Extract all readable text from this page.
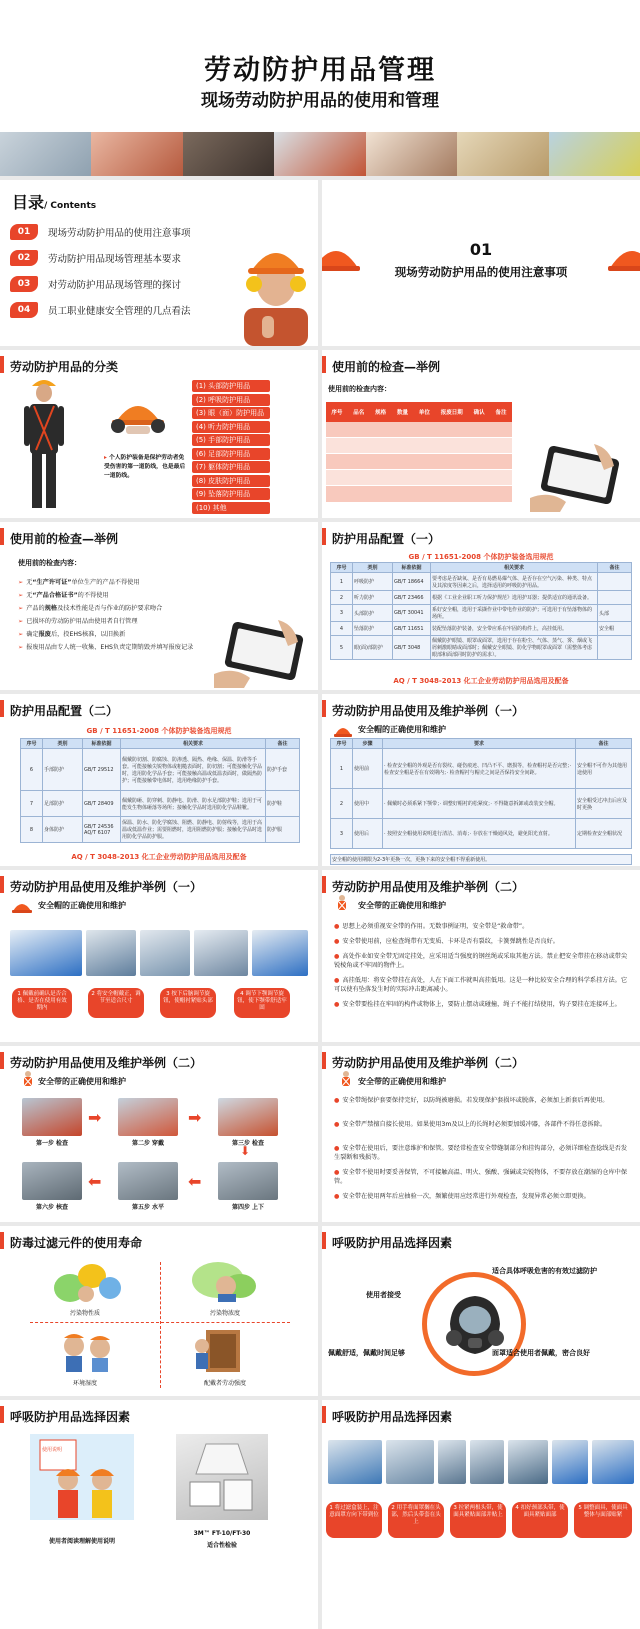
劳动防护用品管理
现场劳动防护用品的使用和管理
目录/ Contents
01	现场劳动防护用品的使用注意事项
02	劳动防护用品现场管理基本要求
03	对劳动防护用品现场管理的探讨
04	员工职业健康安全管理的几点看法
01
现场劳动防护用品的使用注意事项
劳动防护用品的分类
▸ 个人防护装备是保护劳动者免受伤害的第一道防线，也是最后一道防线。
(1) 头部防护用品
(2) 呼吸防护用品
(3) 眼（面）防护用品
(4) 听力防护用品
(5) 手部防护用品
(6) 足部防护用品
(7) 躯体防护用品
(8) 皮肤防护用品
(9) 坠落防护用品
(10) 其他
使用前的检查—举例
使用前的检查内容：
序号	品名	规格	数量	单位	报废日期	确认	备注
使用前的检查—举例
使用前的检查内容：
➢ 无“生产许可证”单位生产的产品不得使用
➢ 无“产品合格证书”的不得使用
➢ 产品的规格及技术性能是否与作业的防护要求吻合
➢ 已损坏的劳动防护用品由使用者自行管理
➢ 确定报废后，投EHS核准，以旧换新
➢ 报废用品由专人统一收集、EHS负责定期销毁并填写报废记录
防护用品配置（一）
GB / T 11651-2008 个体防护装备选用规范
序号	类别	标准依据	相关要求	备注
1	呼吸防护	GB/T 18664	要考虑是否缺氧、是否有易燃易爆气体、是否存在空气污染、种类、特点及其浓度等因素之后，选择适用的呼吸防护用品。	
2	听力防护	GB/T 23466	根据《工业企业职工听力保护规范》选用护耳器；提供适宜的通讯设备。	
3	头部防护	GB/T 30041	系好安全帽，选用于采撷作业中带电作业的防护；可选用于有坠落物体的场所。	头部
4	坠落防护	GB/T 11651	装配坠落防护装备，安全带应系在牢固的构件上，高挂低用。	安全帽
5	眼(面)部防护	GB/T 3048	佩戴防护眼镜、眼罩或面罩，选用于存在粉尘、气体、蒸气、雾、烟或飞屑刺激眼睛或面部时；佩戴安全眼镜、防化学物眼罩或面罩（需整体考虑眼部和面部同时防护的需求）。	
AQ / T 3048-2013 化工企业劳动防护用品选用及配备
防护用品配置（二）
GB / T 11651-2008 个体防护装备选用规范
序号	类别	标准依据	相关要求	备注
6	手部防护	GB/T 29512	佩戴防切割、防腐蚀、防渗透、隔热、绝缘、保温、防滑等手套。可能接触尖锐物体或粗糙表面时，防切割；可能接触化学品时，选用防化学品手套；可能接触高温或低温表面时，做隔热防护；可能接触带电体时，选用绝缘防护手套。	防护手套
7	足部防护	GB/T 28409	佩戴防砸、防穿刺、防静电、防滑、防水足部防护鞋；选用于可能发生物体砸落等场所；接触化学品时选用防化学品鞋靴。	防护鞋
8	身体防护	GB/T 24536 AQ/T 6107	保温、防水、防化学腐蚀、阻燃、防静电、防射线等，选用于高温或低温作业；需要阻燃时，选用阻燃防护服；接触化学品时选用防化学品防护服。	防护服
AQ / T 3048-2013 化工企业劳动防护用品选用及配备
劳动防护用品使用及维护举例（一）
安全帽的正确使用和维护
序号	步骤	要求	备注
1	使用前	· 检查安全帽的外观是否有裂纹、碰伤痕迹、凹凸不平、磨损等，检查帽衬是否完整；· 检查安全帽是否在有效期内；· 检查帽衬与帽壳之间是否保持安全间距。	安全帽不可作为其他用途使用
2	使用中	· 佩戴时必须系紧下颚带；· 调整好帽衬的松紧度；· 不得随意拆卸或改装安全帽。	安全帽受过冲击后应及时更换
3	使用后	· 按照安全帽使用说明进行清洁、消毒；· 存放在干燥通风处，避免阳光直射。	定期检查安全帽状况
安全帽的使用期限为2-3年更换一次，更换下来的安全帽不得重新使用。
劳动防护用品使用及维护举例（一）
安全帽的正确使用和维护
1 佩戴前确认是否合格、是否在使用有效期内
2 将安全帽戴正，调节至适合尺寸
3 按下后脑调节旋钮，使帽衬紧贴头部
4 调节下颚调节旋钮，使下颚带舒适牢固
劳动防护用品使用及维护举例（二）
安全带的正确使用和维护
● 思想上必须重视安全带的作用。无数事例证明，安全带是“救命带”。
● 安全带使用前，应检查绳带有无变质、卡环是否有裂纹，卡簧弹跳性是否良好。
● 高处作业如安全带无固定挂处，应采用适当强度的钢丝绳或采取其他方法。禁止把安全带挂在移动或带尖锐棱角或不牢固的物件上。
● 高挂低用：将安全带挂在高处，人在下面工作就叫高挂低用。这是一种比较安全合理的科学系挂方法。它可以使有坠落发生时的实际冲击距离减小。
● 安全带要拴挂在牢固的构件或物体上，要防止摆动或碰撞，绳子不能打结使用，钩子要挂在连接环上。
劳动防护用品使用及维护举例（二）
安全带的正确使用和维护
➡	➡
⬇
⬅
⬅
第一步 检查	第二步 穿戴	第三步 检查
第四步 上下
第五步 水平
第六步 核查
劳动防护用品使用及维护举例（二）
安全带的正确使用和维护
● 安全带绳保护套要保持完好，以防绳被磨损。若发现保护套损坏或脱落，必须加上新套后再使用。
● 安全带严禁擅自接长使用。如果使用3m及以上的长绳时必须要加缓冲器，各部件不得任意拆除。
● 安全带在使用后，要注意维护和保管。要经常检查安全带缝制部分和挂钩部分，必须详细检查捻线是否发生裂断和残损等。
● 安全带不使用时要妥善保管，不可接触高温、明火、强酸、强碱或尖锐物体，不要存放在潮湿的仓库中保管。
● 安全带在使用两年后应抽验一次，频繁使用应经常进行外观检查，发现异常必须立即更换。
防毒过滤元件的使用寿命
污染物性质	污染物浓度
环境湿度	配戴者劳动强度
呼吸防护用品选择因素
适合具体呼吸危害的有效过滤防护
使用者接受
佩戴舒适，佩戴时间足够	面罩适合使用者佩戴，密合良好
呼吸防护用品选择因素
使用说明
使用者阅读理解使用说明
3M™ FT-10/FT-30
适合性检验
呼吸防护用品选择因素
1 将过滤盒装上，注意面罩方向下带到位
2 用手将面罩搁在头部，然后头带套在头上
3 拉紧两根头带，使面具紧贴面部并贴上
4 扣好颈部头带，使面具紧贴面部
5 调整面具，使面具整体与面部贴紧
